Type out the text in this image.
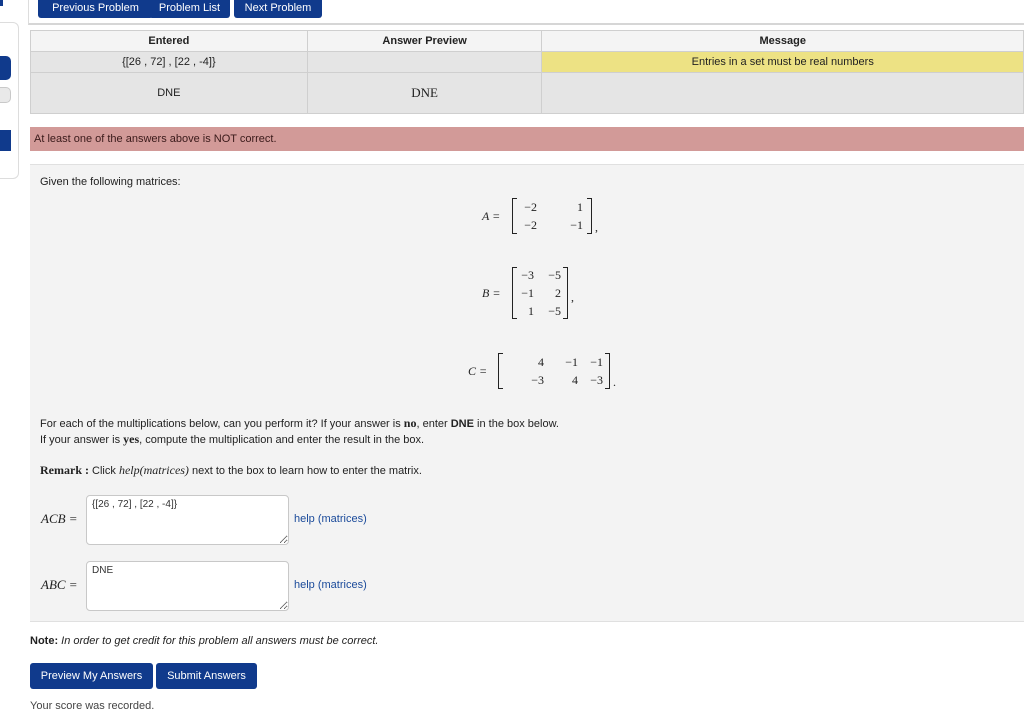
Previous Problem	Problem List	Next Problem
Entered	Answer Preview	Message
{[26 , 72] , [22 , -4]}		Entries in a set must be real numbers
DNE	DNE	
At least one of the answers above is NOT correct.
Given the following matrices:
A =
−2	1
−2	−1 ,
B =
−3 −5
−1 2
1 −5
,
C =
4 −1 −1
−3 4 −3 .
For each of the multiplications below, can you perform it? If your answer is no, enter DNE in the box below.
If your answer is yes, compute the multiplication and enter the result in the box.
Remark : Click help(matrices) next to the box to learn how to enter the matrix.
ACB =
{[26 , 72] , [22 , -4]}	help (matrices)
ABC =
DNE	help (matrices)
Note: In order to get credit for this problem all answers must be correct.
Preview My Answers	Submit Answers
Your score was recorded.
